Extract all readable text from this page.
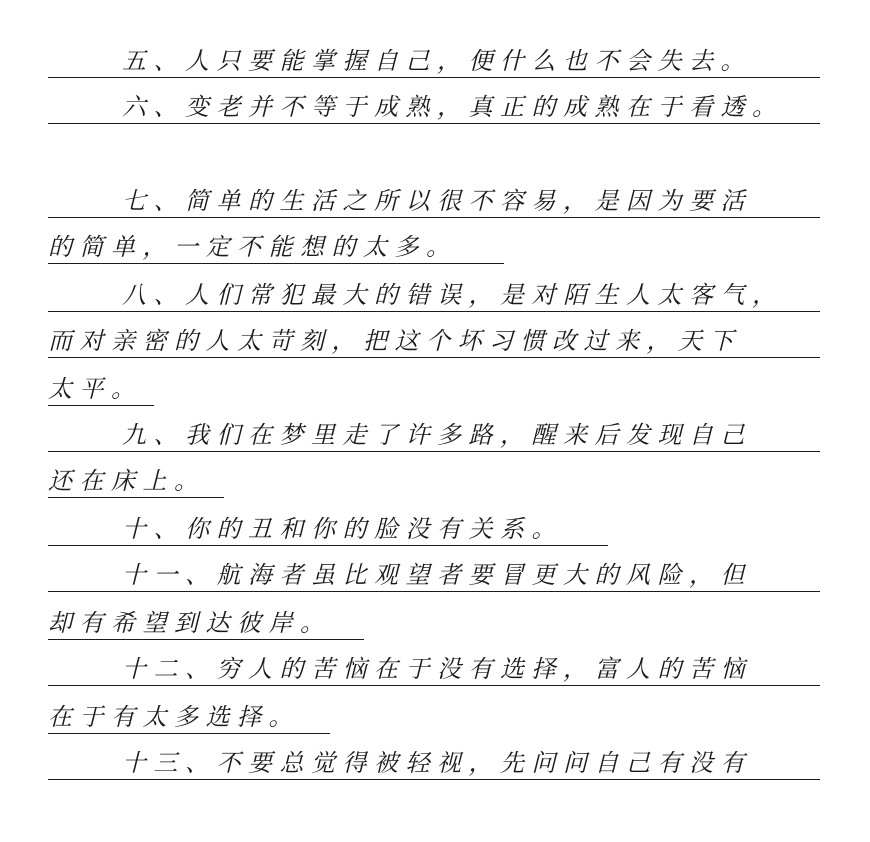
五、人只要能掌握自己，便什么也不会失去。
六、变老并不等于成熟，真正的成熟在于看透。
七、简单的生活之所以很不容易，是因为要活
的简单，一定不能想的太多。
八、人们常犯最大的错误，是对陌生人太客气，
而对亲密的人太苛刻，把这个坏习惯改过来，天下
太平。
九、我们在梦里走了许多路，醒来后发现自己
还在床上。
十、你的丑和你的脸没有关系。
十一、航海者虽比观望者要冒更大的风险，但
却有希望到达彼岸。
十二、穷人的苦恼在于没有选择，富人的苦恼
在于有太多选择。
十三、不要总觉得被轻视，先问问自己有没有
